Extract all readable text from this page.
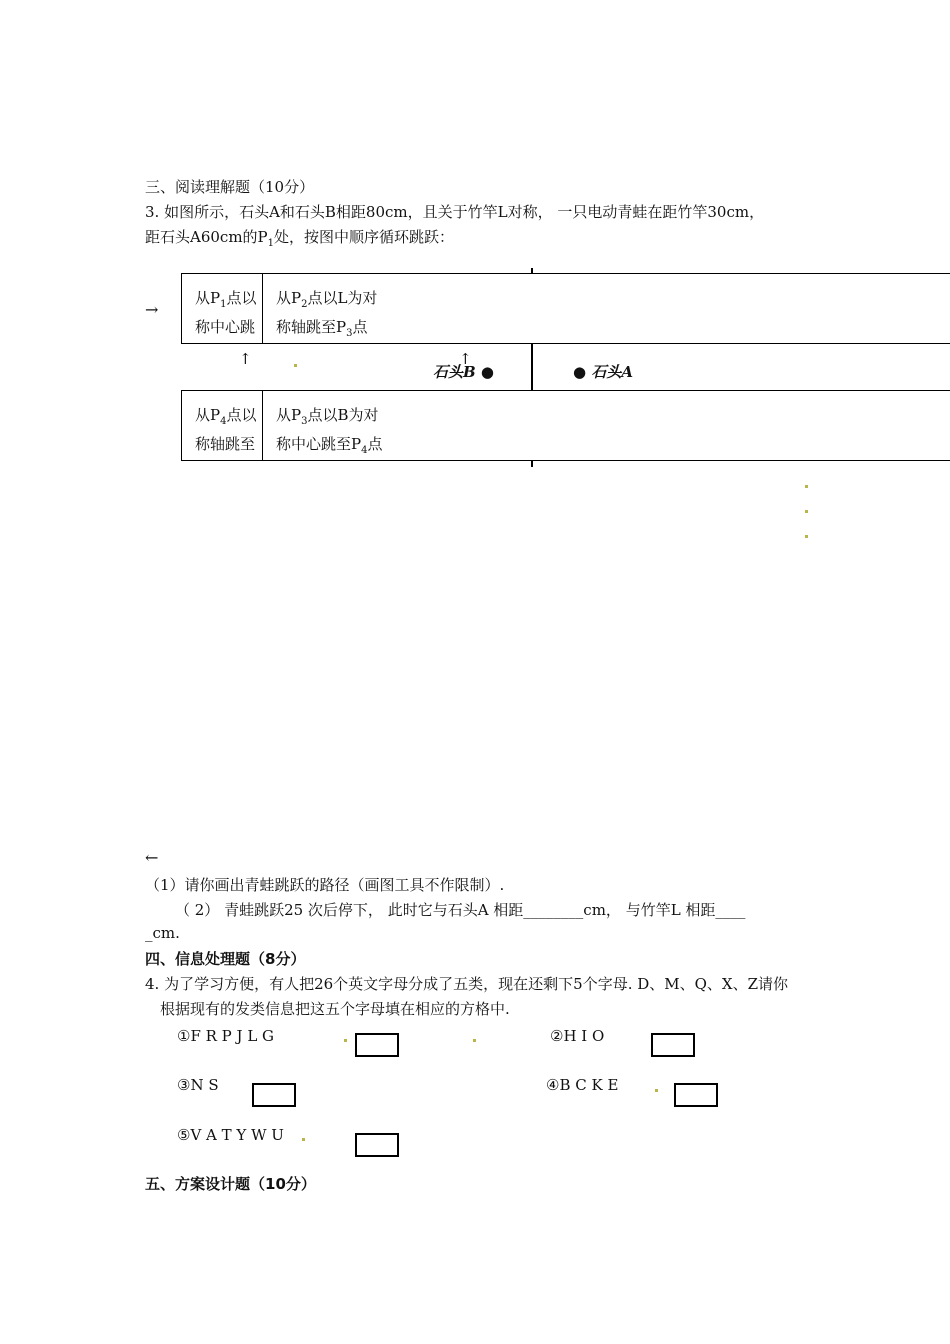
三、阅读理解题（10分）
3. 如图所示，石头A和石头B相距80cm，且关于竹竿L对称， 一只电动青蛙在距竹竿30cm，
距石头A60cm的$P_1$处，按图中顺序循环跳跃：
从$P_1$点以
称中心跳
从$P_2$点以L为对
称轴跳至$P_3$点
从$P_4$点以
称轴跳至
从$P_3$点以B为对
称中心跳至$P_4$点
→
↑	↑
←
石头B ●	● 石头A
（1）请你画出青蛙跳跃的路径（画图工具不作限制）.
（ 2） 青蛙跳跃25 次后停下， 此时它与石头A 相距________cm， 与竹竿L 相距____
_cm.
四、信息处理题（8分）
4. 为了学习方便，有人把26个英文字母分成了五类，现在还剩下5个字母. D、M、Q、X、Z请你
根据现有的发类信息把这五个字母填在相应的方格中.
①F R P J L G	②H I O
③N S	④B C K E
⑤V A T Y W U
五、方案设计题（10分）
